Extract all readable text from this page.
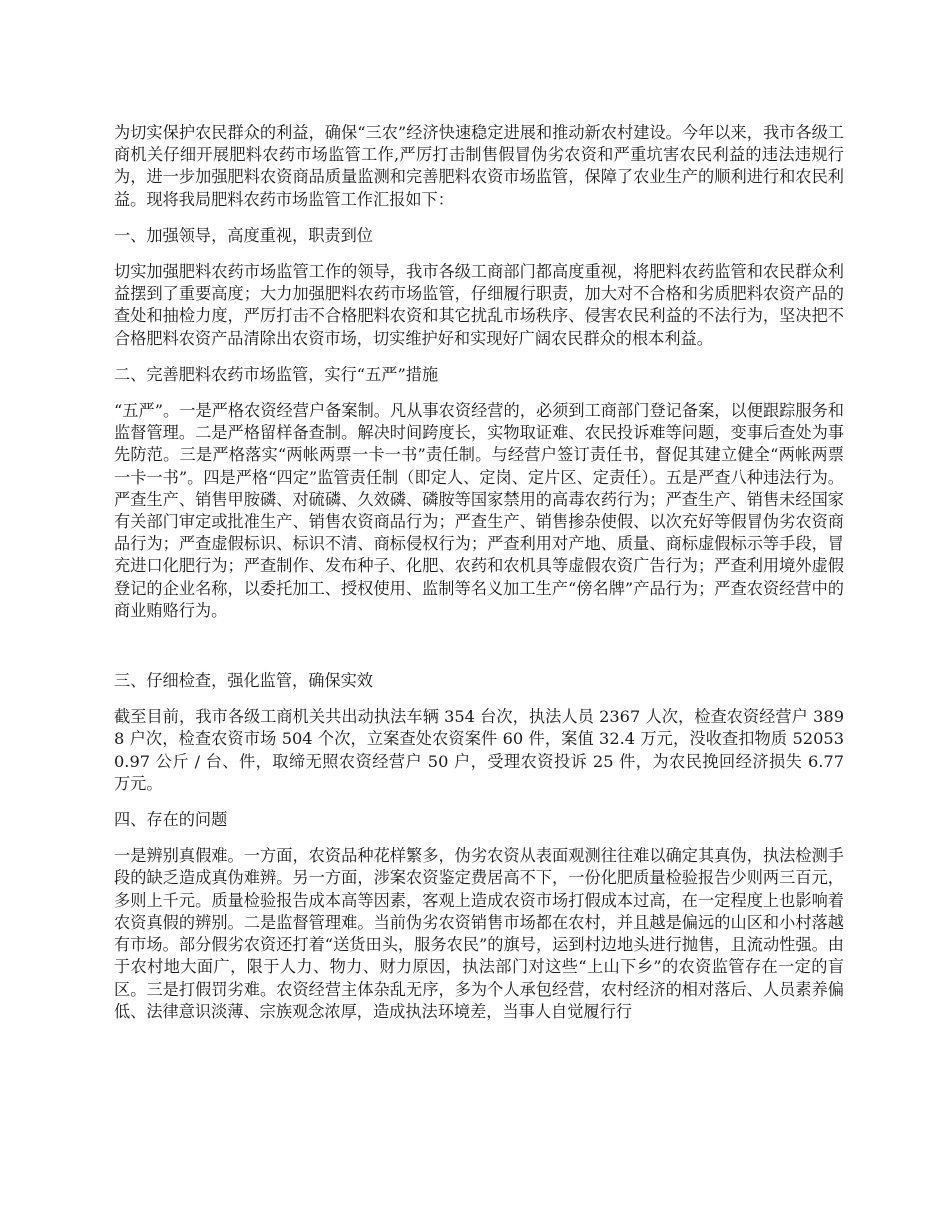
为切实保护农民群众的利益，确保“三农”经济快速稳定进展和推动新农村建设。今年以来，我市各级工商机关仔细开展肥料农药市场监管工作,严厉打击制售假冒伪劣农资和严重坑害农民利益的违法违规行为，进一步加强肥料农资商品质量监测和完善肥料农资市场监管，保障了农业生产的顺利进行和农民利益。现将我局肥料农药市场监管工作汇报如下：

一、加强领导，高度重视，职责到位

切实加强肥料农药市场监管工作的领导，我市各级工商部门都高度重视，将肥料农药监管和农民群众利益摆到了重要高度；大力加强肥料农药市场监管，仔细履行职责，加大对不合格和劣质肥料农资产品的查处和抽检力度，严厉打击不合格肥料农资和其它扰乱市场秩序、侵害农民利益的不法行为，坚决把不合格肥料农资产品清除出农资市场，切实维护好和实现好广阔农民群众的根本利益。

二、完善肥料农药市场监管，实行“五严”措施

“五严”。一是严格农资经营户备案制。凡从事农资经营的，必须到工商部门登记备案，以便跟踪服务和监督管理。二是严格留样备查制。解决时间跨度长，实物取证难、农民投诉难等问题，变事后查处为事先防范。三是严格落实“两帐两票一卡一书”责任制。与经营户签订责任书，督促其建立健全“两帐两票一卡一书”。四是严格“四定”监管责任制（即定人、定岗、定片区、定责任）。五是严查八种违法行为。严查生产、销售甲胺磷、对硫磷、久效磷、磷胺等国家禁用的高毒农药行为；严查生产、销售未经国家有关部门审定或批准生产、销售农资商品行为；严查生产、销售掺杂使假、以次充好等假冒伪劣农资商品行为；严查虚假标识、标识不清、商标侵权行为；严查利用对产地、质量、商标虚假标示等手段，冒充进口化肥行为；严查制作、发布种子、化肥、农药和农机具等虚假农资广告行为；严查利用境外虚假登记的企业名称，以委托加工、授权使用、监制等名义加工生产“傍名牌”产品行为；严查农资经营中的商业贿赂行为。

三、仔细检查，强化监管，确保实效

截至目前，我市各级工商机关共出动执法车辆 354 台次，执法人员 2367 人次，检查农资经营户 3898 户次，检查农资市场 504 个次，立案查处农资案件 60 件，案值 32.4 万元，没收查扣物质 520530.97 公斤 / 台、件，取缔无照农资经营户 50 户，受理农资投诉 25 件，为农民挽回经济损失 6.77 万元。

四、存在的问题

一是辨别真假难。一方面，农资品种花样繁多，伪劣农资从表面观测往往难以确定其真伪，执法检测手段的缺乏造成真伪难辨。另一方面，涉案农资鉴定费居高不下，一份化肥质量检验报告少则两三百元，多则上千元。质量检验报告成本高等因素，客观上造成农资市场打假成本过高，在一定程度上也影响着农资真假的辨别。二是监督管理难。当前伪劣农资销售市场都在农村，并且越是偏远的山区和小村落越有市场。部分假劣农资还打着“送货田头，服务农民”的旗号，运到村边地头进行抛售，且流动性强。由于农村地大面广，限于人力、物力、财力原因，执法部门对这些“上山下乡”的农资监管存在一定的盲区。三是打假罚劣难。农资经营主体杂乱无序，多为个人承包经营，农村经济的相对落后、人员素养偏低、法律意识淡薄、宗族观念浓厚，造成执法环境差，当事人自觉履行行
